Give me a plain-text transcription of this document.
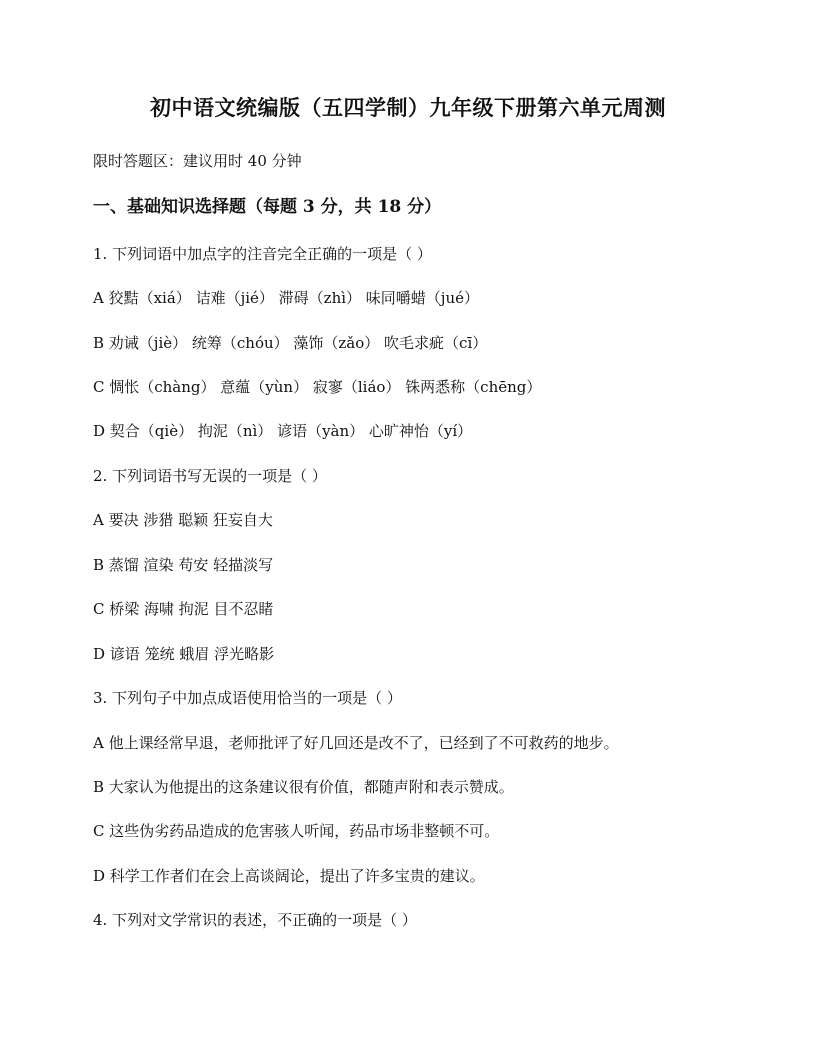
初中语文统编版（五四学制）九年级下册第六单元周测
限时答题区：建议用时 40 分钟
一、基础知识选择题（每题 3 分，共 18 分）
1. 下列词语中加点字的注音完全正确的一项是（ ）
A 狡黠（xiá） 诘难（jié） 滞碍（zhì） 味同嚼蜡（jué）
B 劝诫（jiè） 统筹（chóu） 藻饰（zǎo） 吹毛求疵（cī）
C 惆怅（chàng） 意蕴（yùn） 寂寥（liáo） 铢两悉称（chēng）
D 契合（qiè） 拘泥（nì） 谚语（yàn） 心旷神怡（yí）
2. 下列词语书写无误的一项是（ ）
A 要决 涉猎 聪颖 狂妄自大
B 蒸馏 渲染 苟安 轻描淡写
C 桥梁 海啸 拘泥 目不忍睹
D 谚语 笼统 蛾眉 浮光略影
3. 下列句子中加点成语使用恰当的一项是（ ）
A 他上课经常早退，老师批评了好几回还是改不了，已经到了不可救药的地步。
B 大家认为他提出的这条建议很有价值，都随声附和表示赞成。
C 这些伪劣药品造成的危害骇人听闻，药品市场非整顿不可。
D 科学工作者们在会上高谈阔论，提出了许多宝贵的建议。
4. 下列对文学常识的表述，不正确的一项是（ ）
